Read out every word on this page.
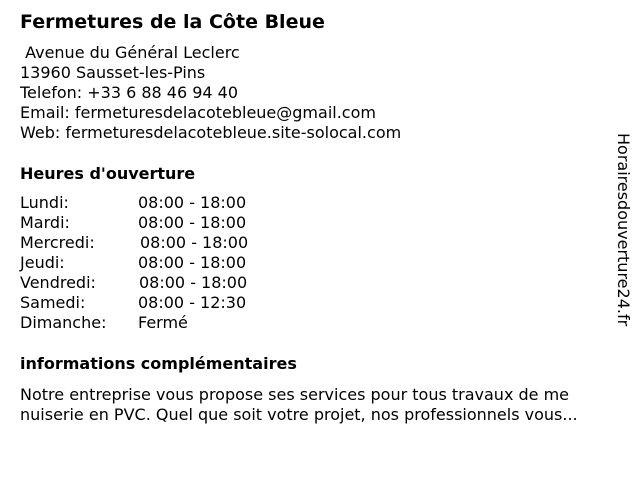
Fermetures de la Côte Bleue
Avenue du Général Leclerc
13960 Sausset-les-Pins
Telefon: +33 6 88 46 94 40
Email: fermeturesdelacotebleue@gmail.com
Web: fermeturesdelacotebleue.site-solocal.com
Heures d'ouverture
Lundi:	08:00 - 18:00
Mardi:	08:00 - 18:00
Mercredi:	08:00 - 18:00
Jeudi:	08:00 - 18:00
Vendredi:	08:00 - 18:00
Samedi:	08:00 - 12:30
Dimanche: Fermé
informations complémentaires
Notre entreprise vous propose ses services pour tous travaux de me
nuiserie en PVC. Quel que soit votre projet, nos professionnels vous...
Horairesdouverture24.fr
